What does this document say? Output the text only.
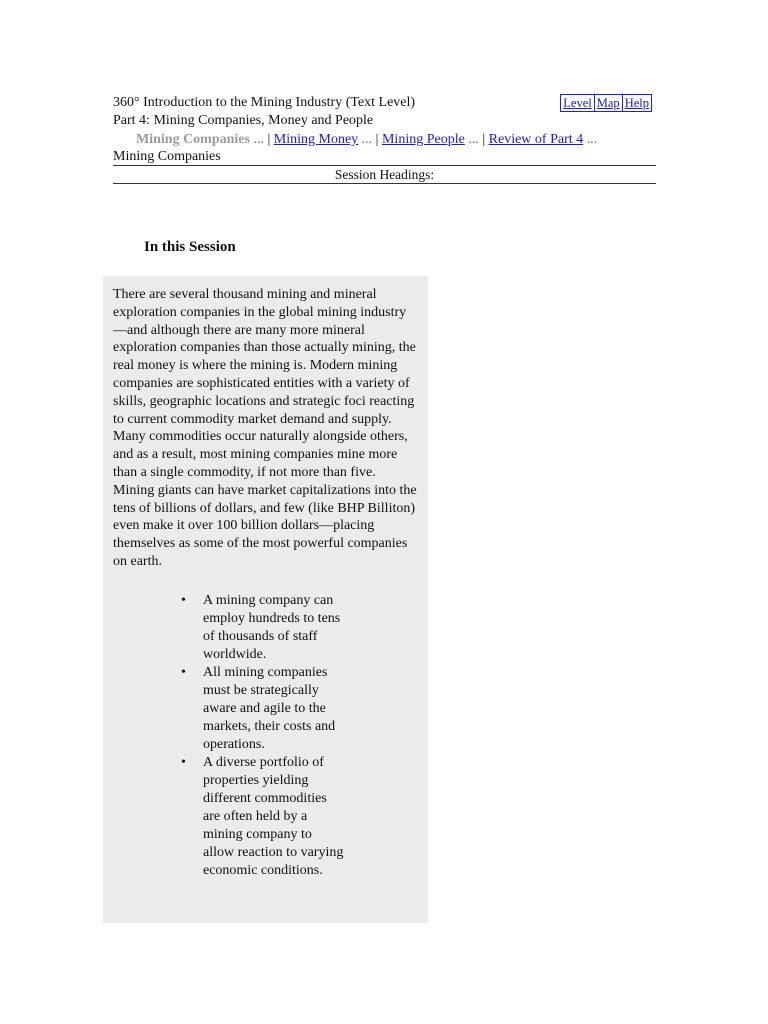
360° Introduction to the Mining Industry (Text Level)	Level Map Help
Part 4: Mining Companies, Money and People
Mining Companies ... | Mining Money ... | Mining People ... | Review of Part 4 ...
Mining Companies
Session Headings:
In this Session

There are several thousand mining and mineral exploration companies in the global mining industry—and although there are many more mineral exploration companies than those actually mining, the real money is where the mining is. Modern mining companies are sophisticated entities with a variety of skills, geographic locations and strategic foci reacting to current commodity market demand and supply. Many commodities occur naturally alongside others, and as a result, most mining companies mine more than a single commodity, if not more than five. Mining giants can have market capitalizations into the tens of billions of dollars, and few (like BHP Billiton) even make it over 100 billion dollars—placing themselves as some of the most powerful companies on earth.

• A mining company can employ hundreds to tens of thousands of staff worldwide.
• All mining companies must be strategically aware and agile to the markets, their costs and operations.
• A diverse portfolio of properties yielding different commodities are often held by a mining company to allow reaction to varying economic conditions.
